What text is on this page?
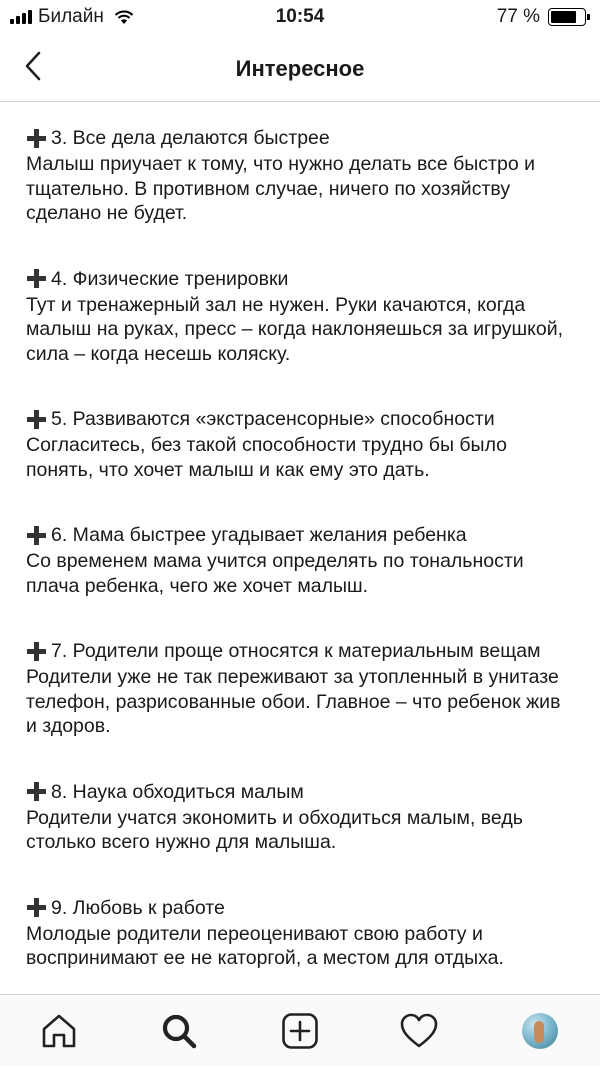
Билайн	10:54	77 %
Интересное
3. Все дела делаются быстрее
Малыш приучает к тому, что нужно делать все быстро и тщательно. В противном случае, ничего по хозяйству сделано не будет.
4. Физические тренировки
Тут и тренажерный зал не нужен. Руки качаются, когда малыш на руках, пресс – когда наклоняешься за игрушкой, сила – когда несешь коляску.
5. Развиваются «экстрасенсорные» способности
Согласитесь, без такой способности трудно бы было понять, что хочет малыш и как ему это дать.
6. Мама быстрее угадывает желания ребенка
Со временем мама учится определять по тональности плача ребенка, чего же хочет малыш.
7. Родители проще относятся к материальным вещам
Родители уже не так переживают за утопленный в унитазе телефон, разрисованные обои. Главное – что ребенок жив и здоров.
8. Наука обходиться малым
Родители учатся экономить и обходиться малым, ведь столько всего нужно для малыша.
9. Любовь к работе
Молодые родители переоценивают свою работу и воспринимают ее не каторгой, а местом для отдыха.
